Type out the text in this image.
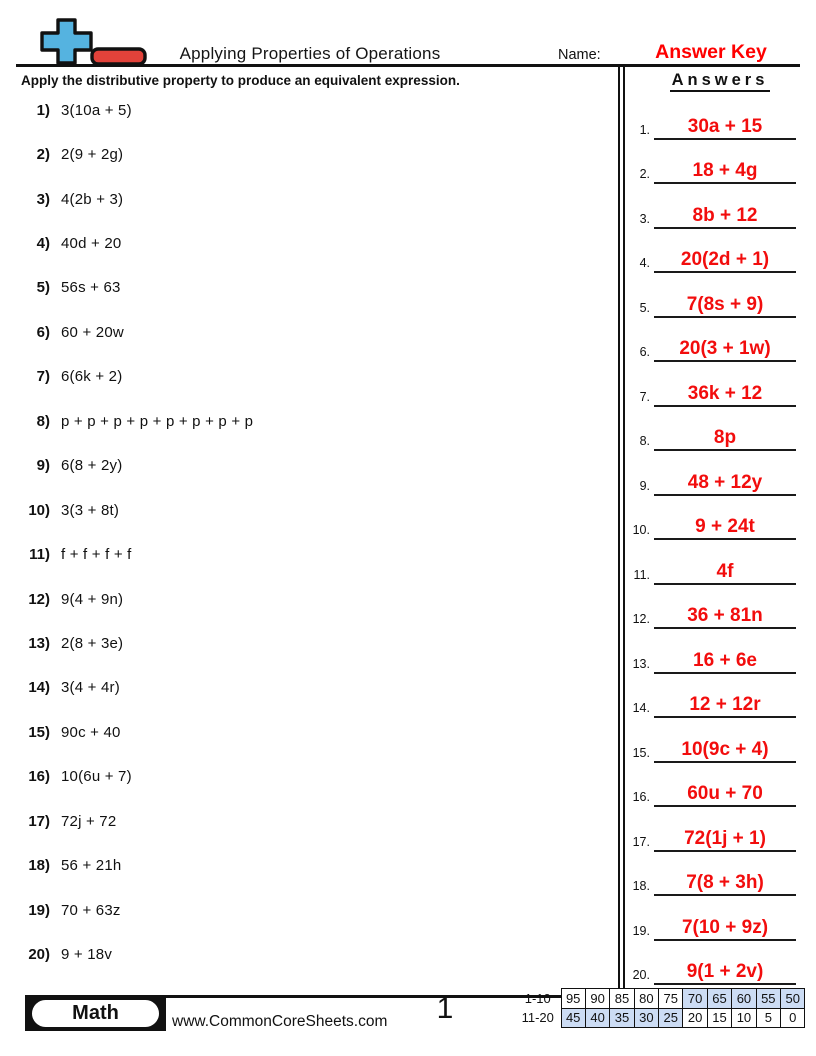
Applying Properties of Operations	Name:	Answer Key
Apply the distributive property to produce an equivalent expression.	Answers
1) 3(10a + 5)
2) 2(9 + 2g)
3) 4(2b + 3)
4) 40d + 20
5) 56s + 63
6) 60 + 20w
7) 6(6k + 2)
8) p + p + p + p + p + p + p + p
9) 6(8 + 2y)
10) 3(3 + 8t)
11) f + f + f + f
12) 9(4 + 9n)
13) 2(8 + 3e)
14) 3(4 + 4r)
15) 90c + 40
16) 10(6u + 7)
17) 72j + 72
18) 56 + 21h
19) 70 + 63z
20) 9 + 18v
1.	30a + 15
2.	18 + 4g
3.	8b + 12
4.	20(2d + 1)
5.	7(8s + 9)
6.	20(3 + 1w)
7.	36k + 12
8.	8p
9.	48 + 12y
10.	9 + 24t
11.	4f
12.	36 + 81n
13.	16 + 6e
14.	12 + 12r
15.	10(9c + 4)
16.	60u + 70
17.	72(1j + 1)
18.	7(8 + 3h)
19.	7(10 + 9z)
20.	9(1 + 2v)
Math	www.CommonCoreSheets.com	1	1-10	95	90	85	80	75	70	65	60	55	50
11-20	45	40	35	30	25	20	15	10	5	0
